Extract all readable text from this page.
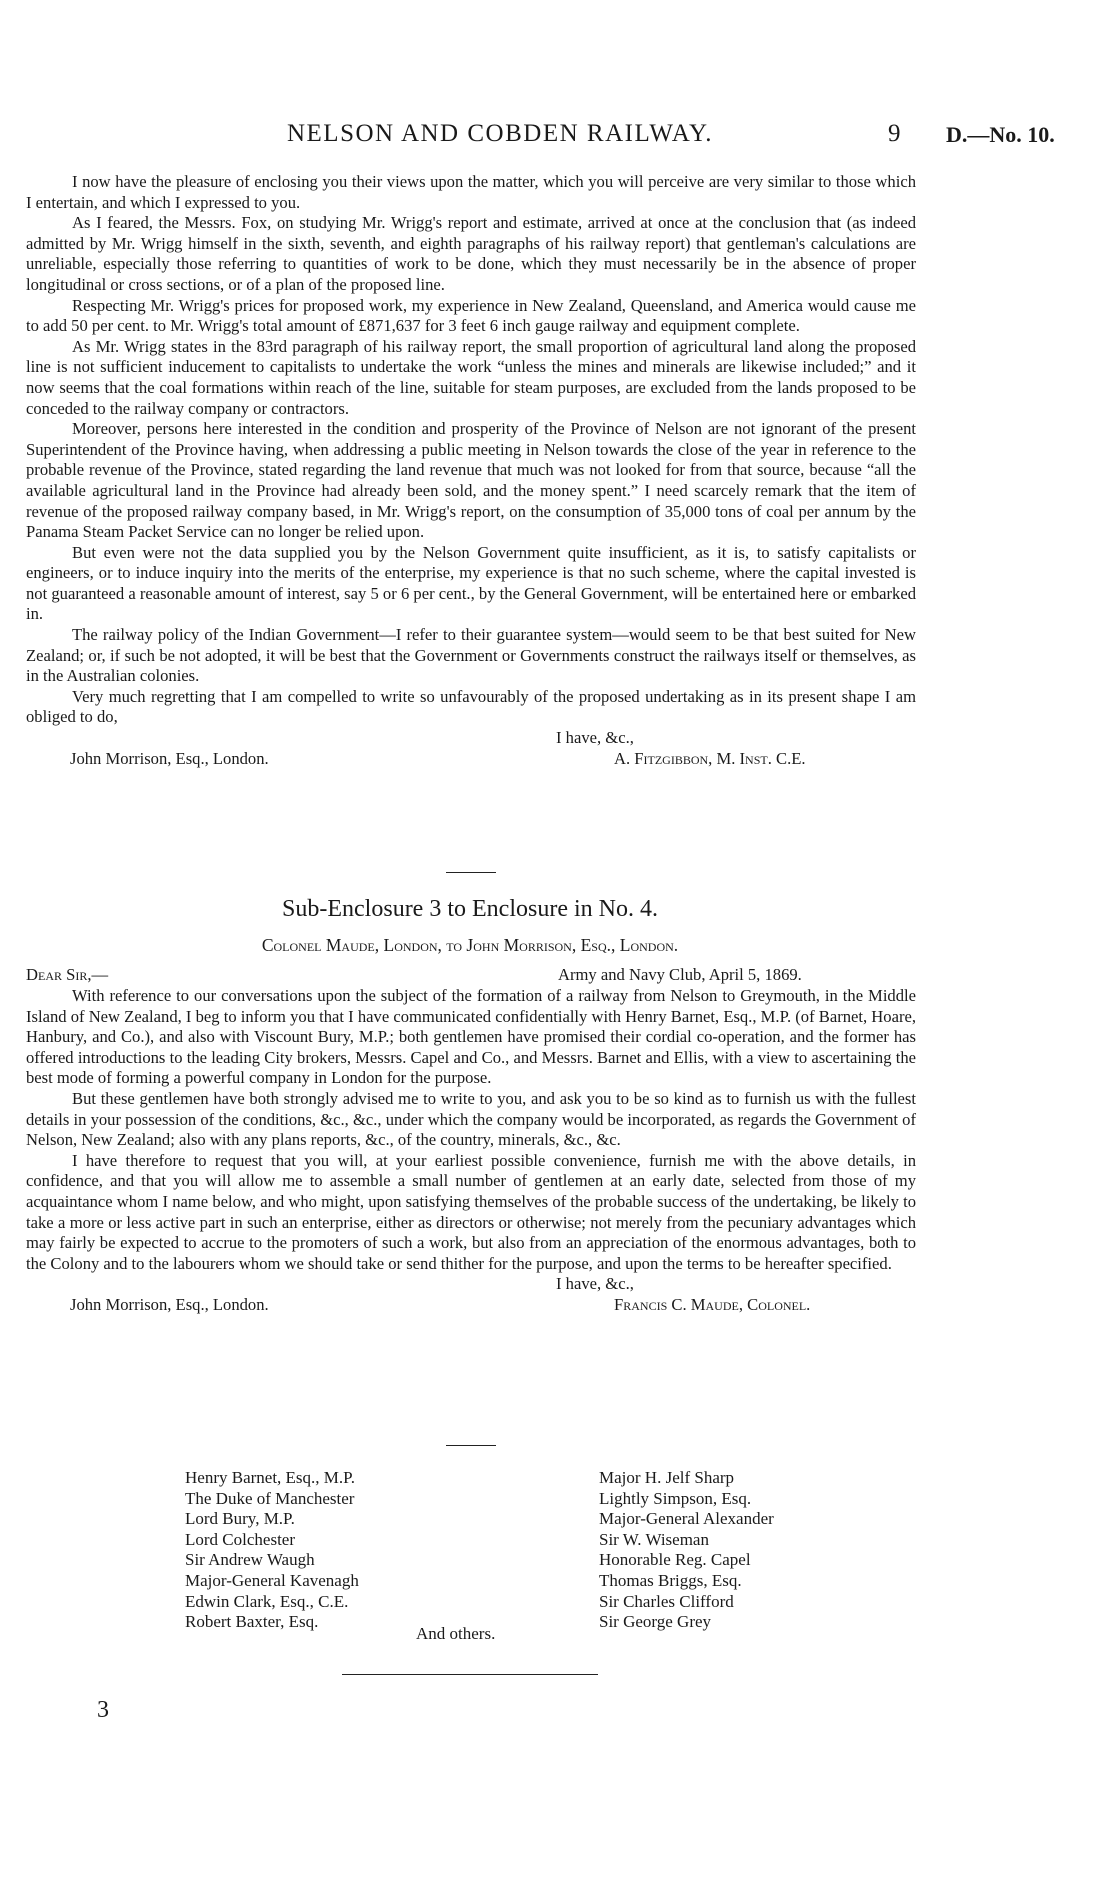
NELSON AND COBDEN RAILWAY.	9 D.—No. 10.

I now have the pleasure of enclosing you their views upon the matter, which you will perceive are very similar to those which I entertain, and which I expressed to you.

As I feared, the Messrs. Fox, on studying Mr. Wrigg's report and estimate, arrived at once at the conclusion that (as indeed admitted by Mr. Wrigg himself in the sixth, seventh, and eighth paragraphs of his railway report) that gentleman's calculations are unreliable, especially those referring to quantities of work to be done, which they must necessarily be in the absence of proper longitudinal or cross sections, or of a plan of the proposed line.

Respecting Mr. Wrigg's prices for proposed work, my experience in New Zealand, Queensland, and America would cause me to add 50 per cent. to Mr. Wrigg's total amount of £871,637 for 3 feet 6 inch gauge railway and equipment complete.

As Mr. Wrigg states in the 83rd paragraph of his railway report, the small proportion of agricultural land along the proposed line is not sufficient inducement to capitalists to undertake the work “unless the mines and minerals are likewise included;” and it now seems that the coal formations within reach of the line, suitable for steam purposes, are excluded from the lands proposed to be conceded to the railway company or contractors.

Moreover, persons here interested in the condition and prosperity of the Province of Nelson are not ignorant of the present Superintendent of the Province having, when addressing a public meeting in Nelson towards the close of the year in reference to the probable revenue of the Province, stated regarding the land revenue that much was not looked for from that source, because “all the available agricultural land in the Province had already been sold, and the money spent.” I need scarcely remark that the item of revenue of the proposed railway company based, in Mr. Wrigg's report, on the consumption of 35,000 tons of coal per annum by the Panama Steam Packet Service can no longer be relied upon.

But even were not the data supplied you by the Nelson Government quite insufficient, as it is, to satisfy capitalists or engineers, or to induce inquiry into the merits of the enterprise, my experience is that no such scheme, where the capital invested is not guaranteed a reasonable amount of interest, say 5 or 6 per cent., by the General Government, will be entertained here or embarked in.

The railway policy of the Indian Government—I refer to their guarantee system—would seem to be that best suited for New Zealand; or, if such be not adopted, it will be best that the Government or Governments construct the railways itself or themselves, as in the Australian colonies.

Very much regretting that I am compelled to write so unfavourably of the proposed undertaking as in its present shape I am obliged to do,

I have, &c.,
John Morrison, Esq., London.	A. Fitzgibbon, M. Inst. C.E.
Sub-Enclosure 3 to Enclosure in No. 4.
Colonel Maude, London, to John Morrison, Esq., London.
Dear Sir,—	Army and Navy Club, April 5, 1869.

With reference to our conversations upon the subject of the formation of a railway from Nelson to Greymouth, in the Middle Island of New Zealand, I beg to inform you that I have communicated confidentially with Henry Barnet, Esq., M.P. (of Barnet, Hoare, Hanbury, and Co.), and also with Viscount Bury, M.P.; both gentlemen have promised their cordial co-operation, and the former has offered introductions to the leading City brokers, Messrs. Capel and Co., and Messrs. Barnet and Ellis, with a view to ascertaining the best mode of forming a powerful company in London for the purpose.

But these gentlemen have both strongly advised me to write to you, and ask you to be so kind as to furnish us with the fullest details in your possession of the conditions, &c., &c., under which the company would be incorporated, as regards the Government of Nelson, New Zealand; also with any plans reports, &c., of the country, minerals, &c., &c.

I have therefore to request that you will, at your earliest possible convenience, furnish me with the above details, in confidence, and that you will allow me to assemble a small number of gentlemen at an early date, selected from those of my acquaintance whom I name below, and who might, upon satisfying themselves of the probable success of the undertaking, be likely to take a more or less active part in such an enterprise, either as directors or otherwise; not merely from the pecuniary advantages which may fairly be expected to accrue to the promoters of such a work, but also from an appreciation of the enormous advantages, both to the Colony and to the labourers whom we should take or send thither for the purpose, and upon the terms to be hereafter specified.

I have, &c.,
John Morrison, Esq., London.	Francis C. Maude, Colonel.
Henry Barnet, Esq., M.P.
The Duke of Manchester
Lord Bury, M.P.
Lord Colchester
Sir Andrew Waugh
Major-General Kavenagh
Edwin Clark, Esq., C.E.
Robert Baxter, Esq.
Major H. Jelf Sharp
Lightly Simpson, Esq.
Major-General Alexander
Sir W. Wiseman
Honorable Reg. Capel
Thomas Briggs, Esq.
Sir Charles Clifford
Sir George Grey
And others.
3
